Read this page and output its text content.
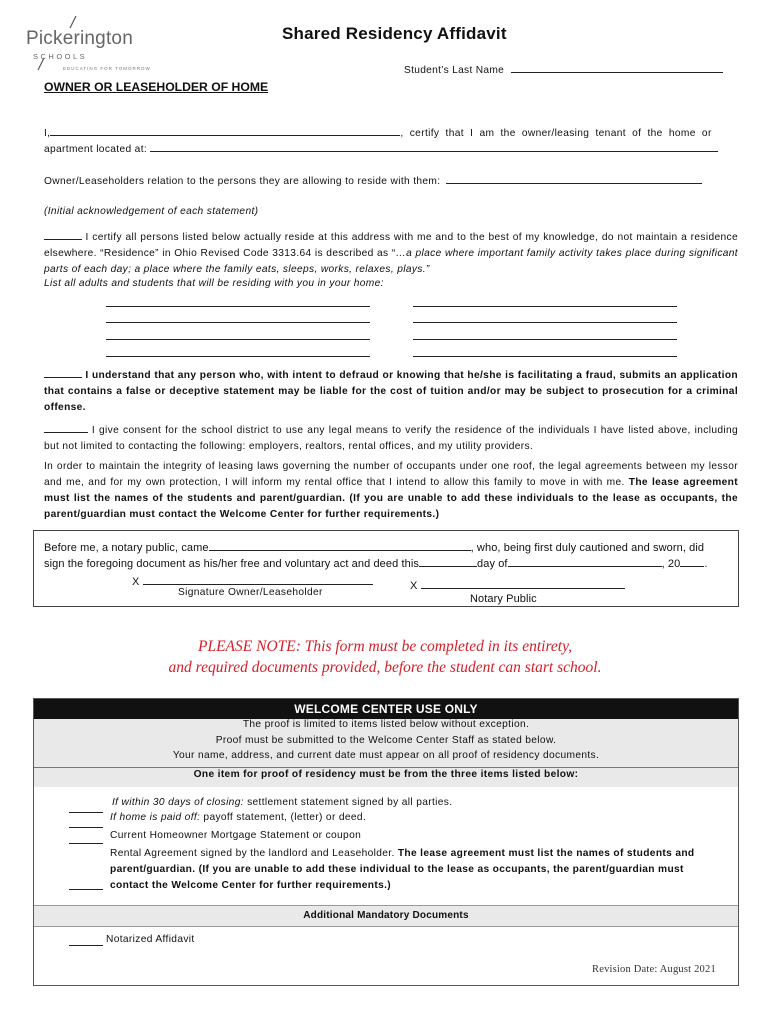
Pickerington
SCHOOLS
EDUCATING FOR TOMORROW
Shared Residency Affidavit
Student’s Last Name
OWNER OR LEASEHOLDER OF HOME
I,	, certify that I am the owner/leasing tenant of the home or
apartment located at:
Owner/Leaseholders relation to the persons they are allowing to reside with them:
(Initial acknowledgement of each statement)
I certify all persons listed below actually reside at this address with me and to the best of my knowledge, do not maintain a residence elsewhere. “Residence” in Ohio Revised Code 3313.64 is described as “…a place where important family activity takes place during significant parts of each day; a place where the family eats, sleeps, works, relaxes, plays.”
List all adults and students that will be residing with you in your home:
I understand that any person who, with intent to defraud or knowing that he/she is facilitating a fraud, submits an application that contains a false or deceptive statement may be liable for the cost of tuition and/or may be subject to prosecution for a criminal offense.
I give consent for the school district to use any legal means to verify the residence of the individuals I have listed above, including but not limited to contacting the following: employers, realtors, rental offices, and my utility providers.
In order to maintain the integrity of leasing laws governing the number of occupants under one roof, the legal agreements between my lessor and me, and for my own protection, I will inform my rental office that I intend to allow this family to move in with me. The lease agreement must list the names of the students and parent/guardian. (If you are unable to add these individuals to the lease as occupants, the parent/guardian must contact the Welcome Center for further requirements.)
Before me, a notary public, came	, who, being first duly cautioned and sworn, did
sign the foregoing document as his/her free and voluntary act and deed this	day of	, 20 .
X
Signature Owner/Leaseholder
X
Notary Public
PLEASE NOTE: This form must be completed in its entirety,
and required documents provided, before the student can start school.
WELCOME CENTER USE ONLY
The proof is limited to items listed below without exception.
Proof must be submitted to the Welcome Center Staff as stated below.
Your name, address, and current date must appear on all proof of residency documents.
One item for proof of residency must be from the three items listed below:
If within 30 days of closing: settlement statement signed by all parties.
If home is paid off: payoff statement, (letter) or deed.
Current Homeowner Mortgage Statement or coupon
Rental Agreement signed by the landlord and Leaseholder. The lease agreement must list the names of students and parent/guardian. (If you are unable to add these individual to the lease as occupants, the parent/guardian must contact the Welcome Center for further requirements.)
Additional Mandatory Documents
Notarized Affidavit
Revision Date: August 2021
